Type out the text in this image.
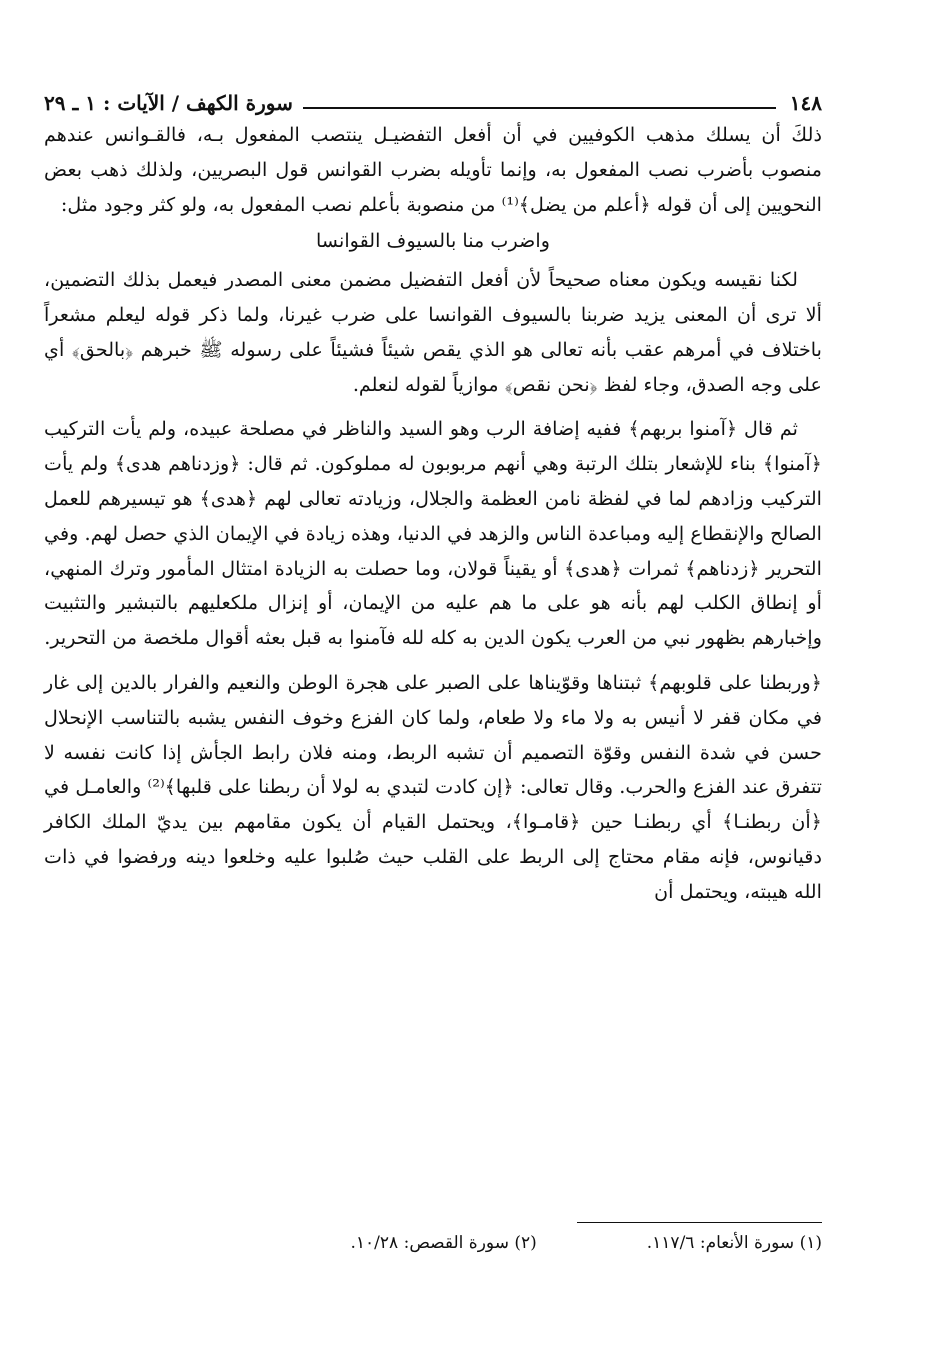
١٤٨
سورة الكهف / الآيات : ١ ـ ٢٩

ذلكَ أن يسلك مذهب الكوفيين في أن أفعل التفضيـل ينتصب المفعول بـه، فالقـوانس عندهم منصوب بأضرب نصب المفعول به، وإنما تأويله بضرب القوانس قول البصريين، ولذلك ذهب بعض النحويين إلى أن قوله ﴿أعلم من يضل﴾⁽¹⁾ من منصوبة بأعلم نصب المفعول به، ولو كثر وجود مثل:

واضرب منا بالسيوف القوانسا

لكنا نقيسه ويكون معناه صحيحاً لأن أفعل التفضيل مضمن معنى المصدر فيعمل بذلك التضمين، ألا ترى أن المعنى يزيد ضربنا بالسيوف القوانسا على ضرب غيرنا، ولما ذكر قوله ليعلم مشعراً باختلاف في أمرهم عقب بأنه تعالى هو الذي يقص شيئاً فشيئاً على رسوله ﷺ خبرهم ﴿بالحق﴾ أي على وجه الصدق، وجاء لفظ ﴿نحن نقص﴾ موازياً لقوله لنعلم.

ثم قال ﴿آمنوا بربهم﴾ ففيه إضافة الرب وهو السيد والناظر في مصلحة عبيده، ولم يأت التركيب ﴿آمنوا﴾ بناء للإشعار بتلك الرتبة وهي أنهم مربوبون له مملوكون. ثم قال: ﴿وزدناهم هدى﴾ ولم يأت التركيب وزادهم لما في لفظة نامن العظمة والجلال، وزيادته تعالى لهم ﴿هدى﴾ هو تيسيرهم للعمل الصالح والإنقطاع إليه ومباعدة الناس والزهد في الدنيا، وهذه زيادة في الإيمان الذي حصل لهم. وفي التحرير ﴿زدناهم﴾ ثمرات ﴿هدى﴾ أو يقيناً قولان، وما حصلت به الزيادة امتثال المأمور وترك المنهي، أو إنطاق الكلب لهم بأنه هو على ما هم عليه من الإيمان، أو إنزال ملكعليهم بالتبشير والتثبيت وإخبارهم بظهور نبي من العرب يكون الدين به كله لله فآمنوا به قبل بعثه أقوال ملخصة من التحرير.

﴿وربطنا على قلوبهم﴾ ثبتناها وقوّيناها على الصبر على هجرة الوطن والنعيم والفرار بالدين إلى غار في مكان قفر لا أنيس به ولا ماء ولا طعام، ولما كان الفزع وخوف النفس يشبه بالتناسب الإنحلال حسن في شدة النفس وقوّة التصميم أن تشبه الربط، ومنه فلان رابط الجأش إذا كانت نفسه لا تتفرق عند الفزع والحرب. وقال تعالى: ﴿إن كادت لتبدي به لولا أن ربطنا على قلبها﴾⁽²⁾ والعامـل في ﴿أن ربطنـا﴾ أي ربطنـا حين ﴿قامـوا﴾، ويحتمل القيام أن يكون مقامهم بين يديّ الملك الكافر دقيانوس، فإنه مقام محتاج إلى الربط على القلب حيث صُلبوا عليه وخلعوا دينه ورفضوا في ذات الله هيبته، ويحتمل أن

(١) سورة الأنعام: ١١٧/٦.
(٢) سورة القصص: ١٠/٢٨.
